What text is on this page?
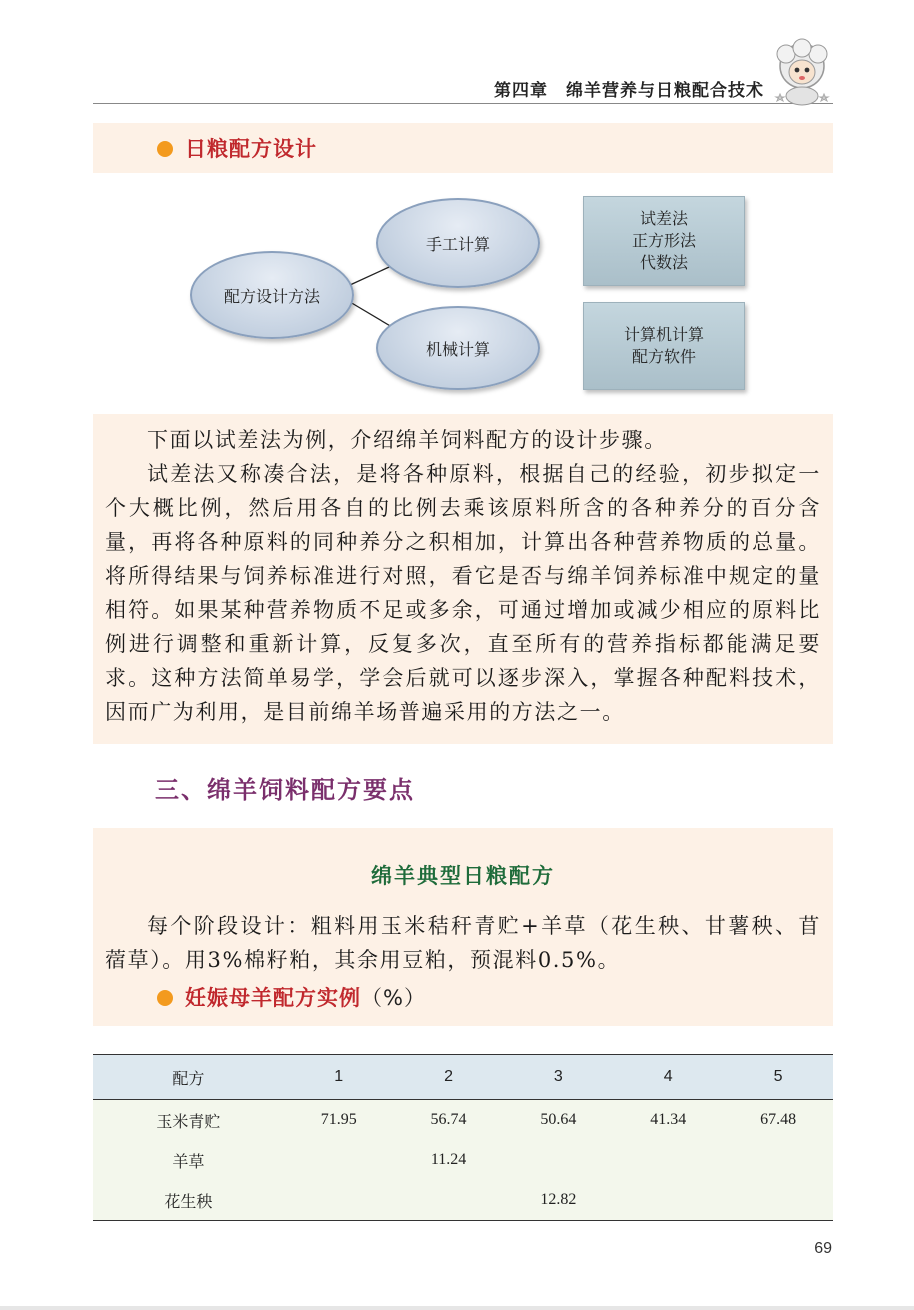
第四章　绵羊营养与日粮配合技术
日粮配方设计
配方设计方法
手工计算
机械计算
试差法
正方形法
代数法
计算机计算
配方软件

下面以试差法为例，介绍绵羊饲料配方的设计步骤。

试差法又称凑合法，是将各种原料，根据自己的经验，初步拟定一个大概比例，然后用各自的比例去乘该原料所含的各种养分的百分含量，再将各种原料的同种养分之积相加，计算出各种营养物质的总量。将所得结果与饲养标准进行对照，看它是否与绵羊饲养标准中规定的量相符。如果某种营养物质不足或多余，可通过增加或减少相应的原料比例进行调整和重新计算，反复多次，直至所有的营养指标都能满足要求。这种方法简单易学，学会后就可以逐步深入，掌握各种配料技术，因而广为利用，是目前绵羊场普遍采用的方法之一。

三、绵羊饲料配方要点
绵羊典型日粮配方

每个阶段设计：粗料用玉米秸秆青贮+羊草（花生秧、甘薯秧、苜蓿草）。用3%棉籽粕，其余用豆粕，预混料0.5%。

妊娠母羊配方实例（%）
配方	1	2	3	4	5
玉米青贮	71.95	56.74	50.64	41.34	67.48
羊草		11.24			
花生秧			12.82		
69
